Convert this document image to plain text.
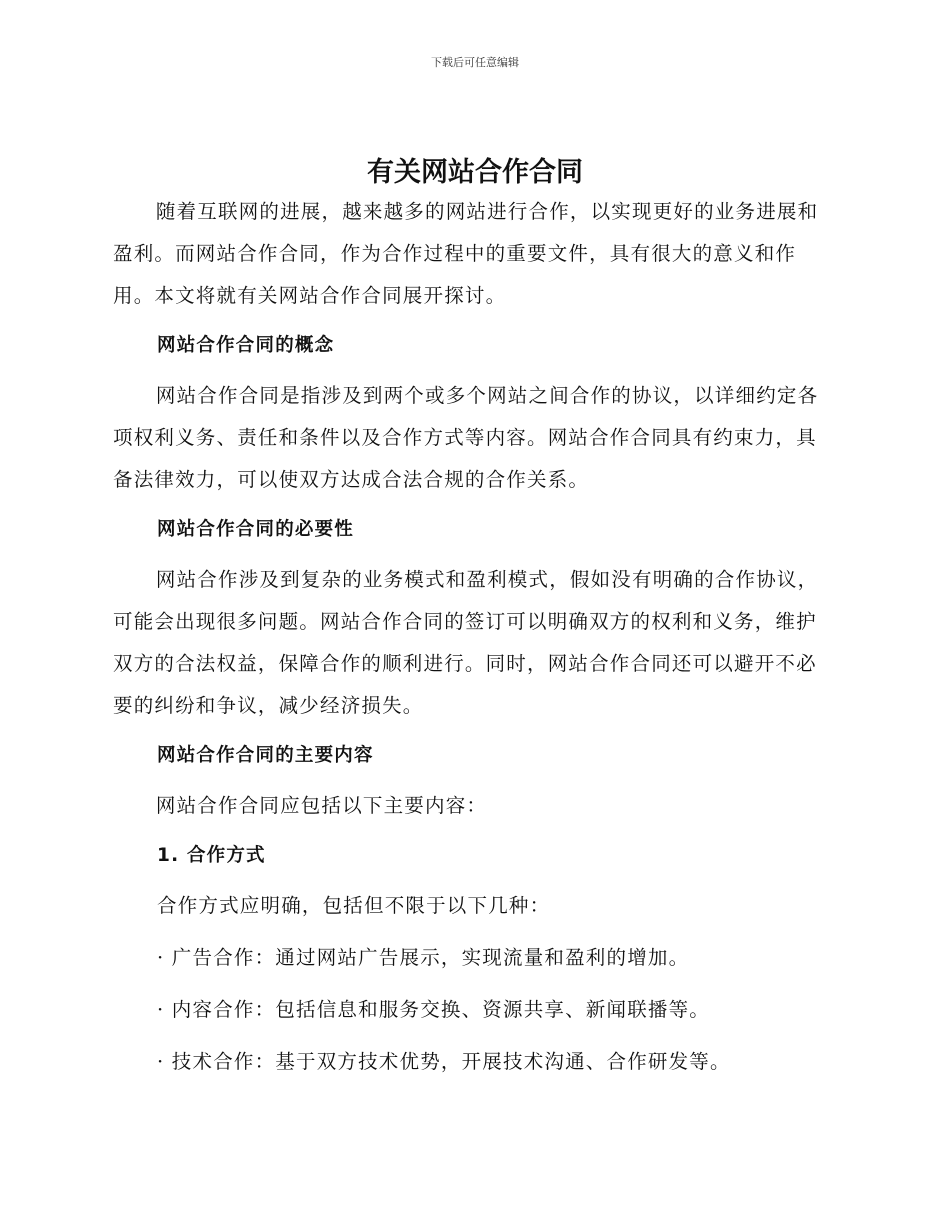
下载后可任意编辑
有关网站合作合同

随着互联网的进展，越来越多的网站进行合作，以实现更好的业务进展和盈利。而网站合作合同，作为合作过程中的重要文件，具有很大的意义和作用。本文将就有关网站合作合同展开探讨。

网站合作合同的概念

网站合作合同是指涉及到两个或多个网站之间合作的协议，以详细约定各项权利义务、责任和条件以及合作方式等内容。网站合作合同具有约束力，具备法律效力，可以使双方达成合法合规的合作关系。

网站合作合同的必要性

网站合作涉及到复杂的业务模式和盈利模式，假如没有明确的合作协议，可能会出现很多问题。网站合作合同的签订可以明确双方的权利和义务，维护双方的合法权益，保障合作的顺利进行。同时，网站合作合同还可以避开不必要的纠纷和争议，减少经济损失。

网站合作合同的主要内容

网站合作合同应包括以下主要内容：

1. 合作方式

合作方式应明确，包括但不限于以下几种：

· 广告合作：通过网站广告展示，实现流量和盈利的增加。

· 内容合作：包括信息和服务交换、资源共享、新闻联播等。

· 技术合作：基于双方技术优势，开展技术沟通、合作研发等。
